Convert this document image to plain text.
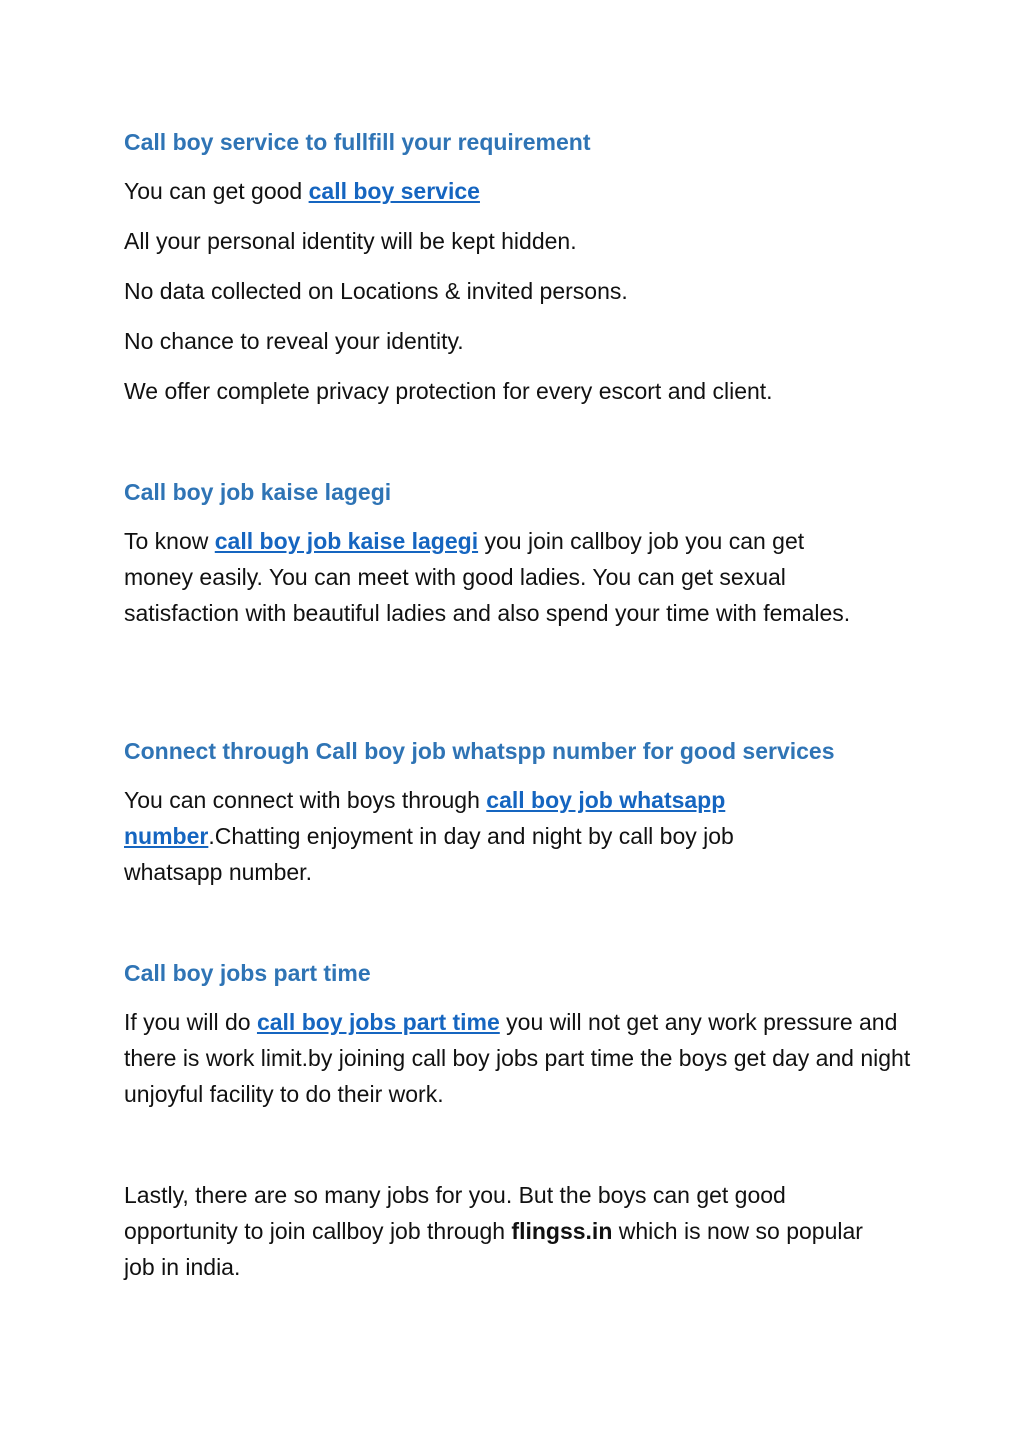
Call boy service to fullfill your requirement

You can get good call boy service

All your personal identity will be kept hidden.

No data collected on Locations & invited persons.

No chance to reveal your identity.

We offer complete privacy protection for every escort and client.

Call boy job kaise lagegi

To know call boy job kaise lagegi you join callboy job you can get money easily. You can meet with good ladies. You can get sexual satisfaction with beautiful ladies and also spend your time with females.

Connect through Call boy job whatspp number for good services

You can connect with boys through call boy job whatsapp number.Chatting enjoyment in day and night by call boy job whatsapp number.

Call boy jobs part time

If you will do call boy jobs part time you will not get any work pressure and there is work limit.by joining call boy jobs part time the boys get day and night unjoyful facility to do their work.

Lastly, there are so many jobs for you. But the boys can get good opportunity to join callboy job through flingss.in which is now so popular job in india.
